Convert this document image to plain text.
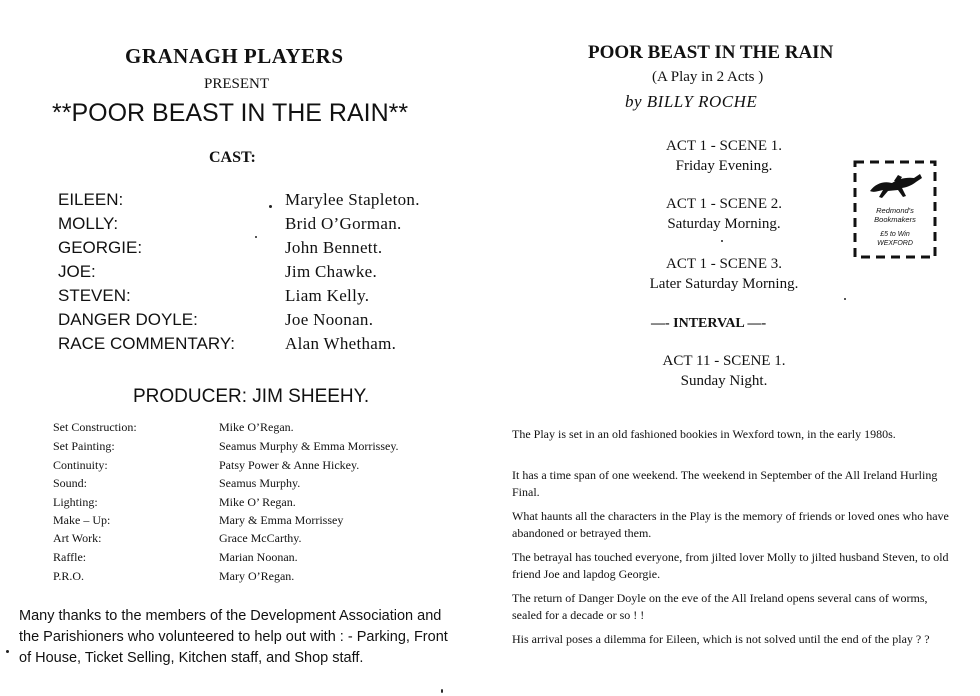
GRANAGH PLAYERS
PRESENT
**POOR BEAST IN THE RAIN**
CAST:
EILEEN:	Marylee Stapleton.
MOLLY:	Brid O’Gorman.
GEORGIE:	John Bennett.
JOE:	Jim Chawke.
STEVEN:	Liam Kelly.
DANGER DOYLE:	Joe Noonan.
RACE COMMENTARY:	Alan Whetham.
PRODUCER: JIM SHEEHY.
Set Construction:	Mike O’Regan.
Set Painting:	Seamus Murphy & Emma Morrissey.
Continuity:	Patsy Power & Anne Hickey.
Sound:	Seamus Murphy.
Lighting:	Mike O’ Regan.
Make – Up:	Mary & Emma Morrissey
Art Work:	Grace McCarthy.
Raffle:	Marian Noonan.
P.R.O.	Mary O’Regan.
Many thanks to the members of the Development Association and the Parishioners who volunteered to help out with : - Parking, Front of House, Ticket Selling, Kitchen staff, and Shop staff.
POOR BEAST IN THE RAIN
(A Play in 2 Acts )
by BILLY ROCHE
ACT 1 - SCENE 1.
Friday Evening.
ACT 1 - SCENE 2.
Saturday Morning.
ACT 1 - SCENE 3.
Later Saturday Morning.
—- INTERVAL —-
ACT 11 - SCENE 1.
Sunday Night.
Redmond's
Bookmakers
£5 to Win
WEXFORD
The Play is set in an old fashioned bookies in Wexford town, in the early 1980s.
It has a time span of one weekend. The weekend in September of the All Ireland Hurling Final.
What haunts all the characters in the Play is the memory of friends or loved ones who have abandoned or betrayed them.
The betrayal has touched everyone, from jilted lover Molly to jilted husband Steven, to old friend Joe and lapdog Georgie.
The return of Danger Doyle on the eve of the All Ireland opens several cans of worms, sealed for a decade or so ! !
His arrival poses a dilemma for Eileen, which is not solved until the end of the play ? ?
